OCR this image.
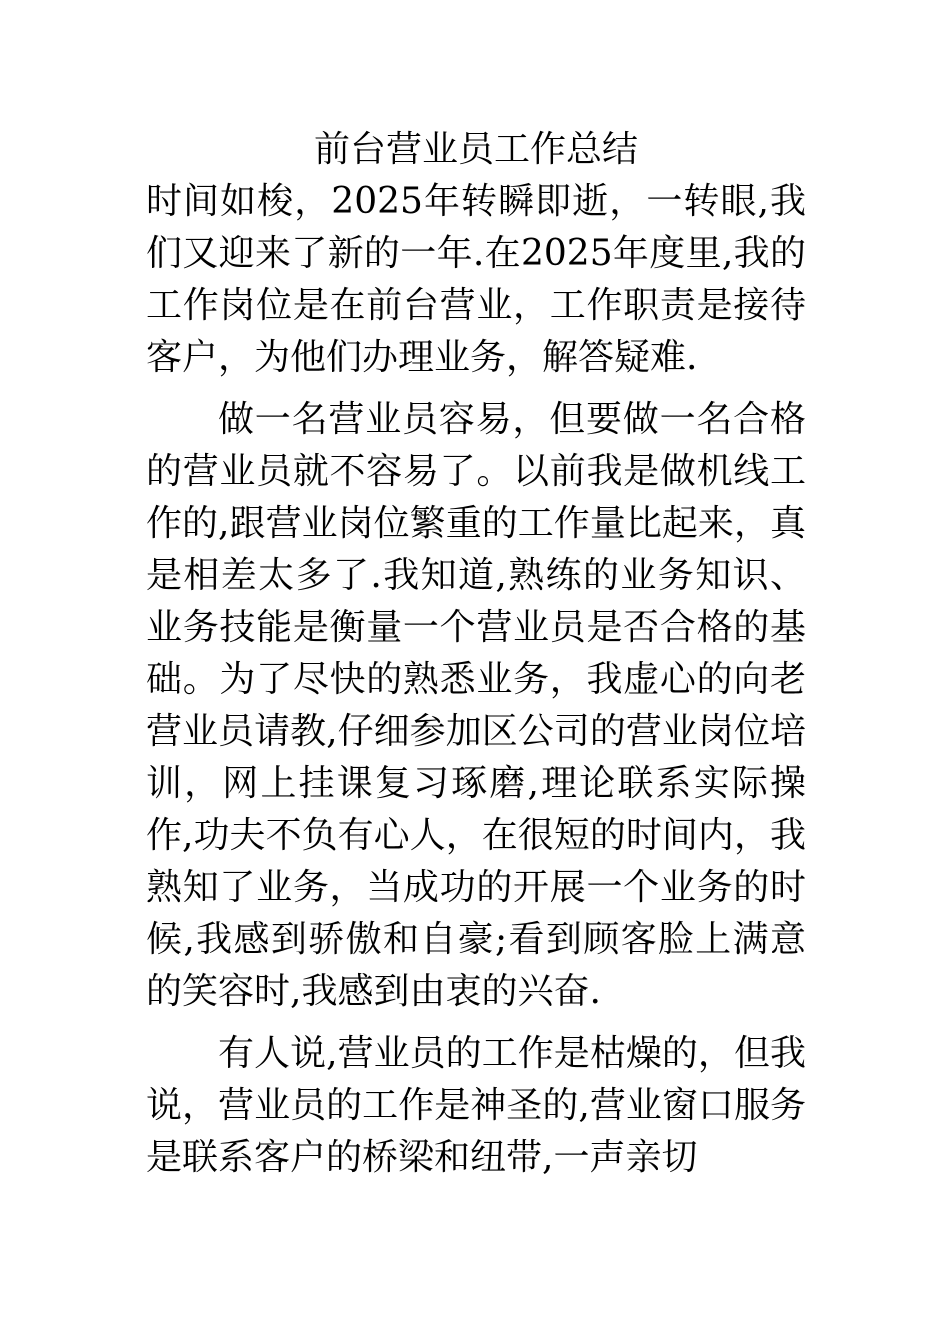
前台营业员工作总结

时间如梭，2025年转瞬即逝，一转眼,我们又迎来了新的一年.在2025年度里,我的工作岗位是在前台营业，工作职责是接待客户，为他们办理业务，解答疑难.

做一名营业员容易，但要做一名合格的营业员就不容易了。以前我是做机线工作的,跟营业岗位繁重的工作量比起来，真是相差太多了.我知道,熟练的业务知识、业务技能是衡量一个营业员是否合格的基础。为了尽快的熟悉业务，我虚心的向老营业员请教,仔细参加区公司的营业岗位培训，网上挂课复习琢磨,理论联系实际操作,功夫不负有心人，在很短的时间内，我熟知了业务，当成功的开展一个业务的时候,我感到骄傲和自豪;看到顾客脸上满意的笑容时,我感到由衷的兴奋.

有人说,营业员的工作是枯燥的，但我说，营业员的工作是神圣的,营业窗口服务是联系客户的桥梁和纽带,一声亲切
